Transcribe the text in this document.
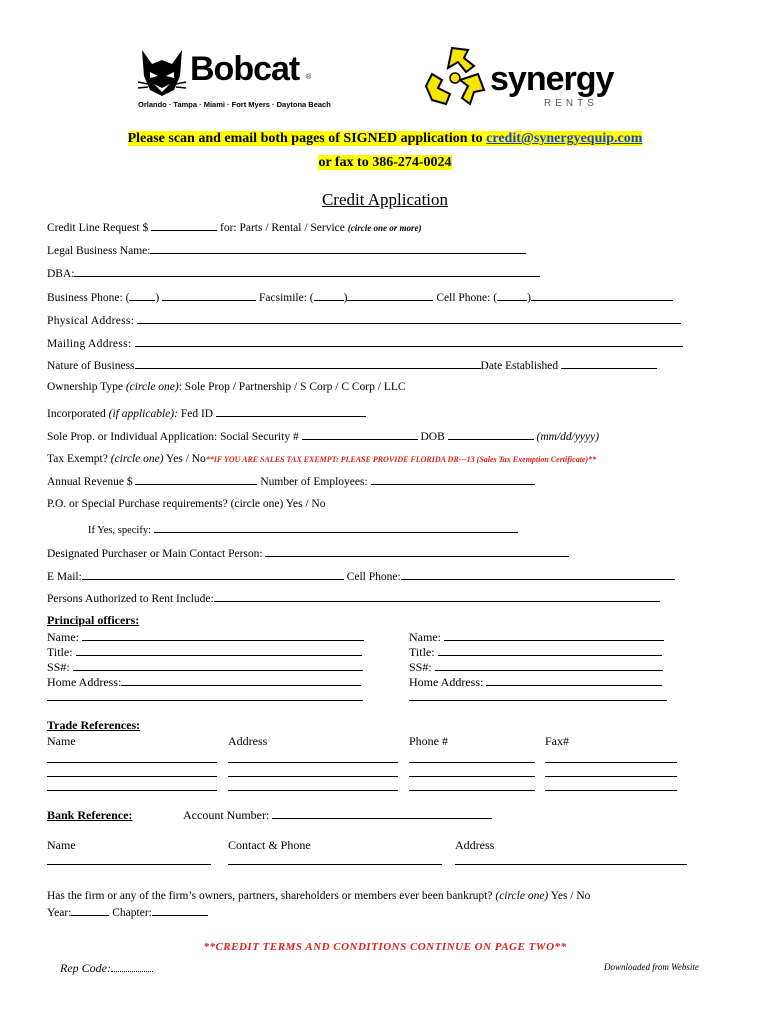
Bobcat ®
Orlando · Tampa · Miami · Fort Myers · Daytona Beach
synergy
RENTS
Please scan and email both pages of SIGNED application to credit@synergyequip.com
or fax to 386-274-0024
Credit Application
Credit Line Request $	for: Parts / Rental / Service (circle one or more)
Legal Business Name:
DBA:
Business Phone: ( )	Facsimile: (	)	Cell Phone: (	)
Physical Address:
Mailing Address:
Nature of Business	Date Established
Ownership Type (circle one): Sole Prop / Partnership / S Corp / C Corp / LLC
Incorporated (if applicable): Fed ID
Sole Prop. or Individual Application: Social Security #	DOB	(mm/dd/yyyy)
Tax Exempt? (circle one) Yes / No**IF YOU ARE SALES TAX EXEMPT: PLEASE PROVIDE FLORIDA DR---13 (Sales Tax Exemption Certificate)**
Annual Revenue $	Number of Employees:
P.O. or Special Purchase requirements? (circle one) Yes / No
If Yes, specify:
Designated Purchaser or Main Contact Person:
E Mail:	Cell Phone:
Persons Authorized to Rent Include:
Principal officers:
Name:
Title:
SS#:
Home Address:
Name:
Title:
SS#:
Home Address:
Trade References:
Name	Address	Phone #	Fax#
Bank Reference:	Account Number:
Name	Contact & Phone	Address
Has the firm or any of the firm’s owners, partners, shareholders or members ever been bankrupt? (circle one) Yes / No
Year:	Chapter:
**CREDIT TERMS AND CONDITIONS CONTINUE ON PAGE TWO**
Rep Code:	Downloaded from Website
